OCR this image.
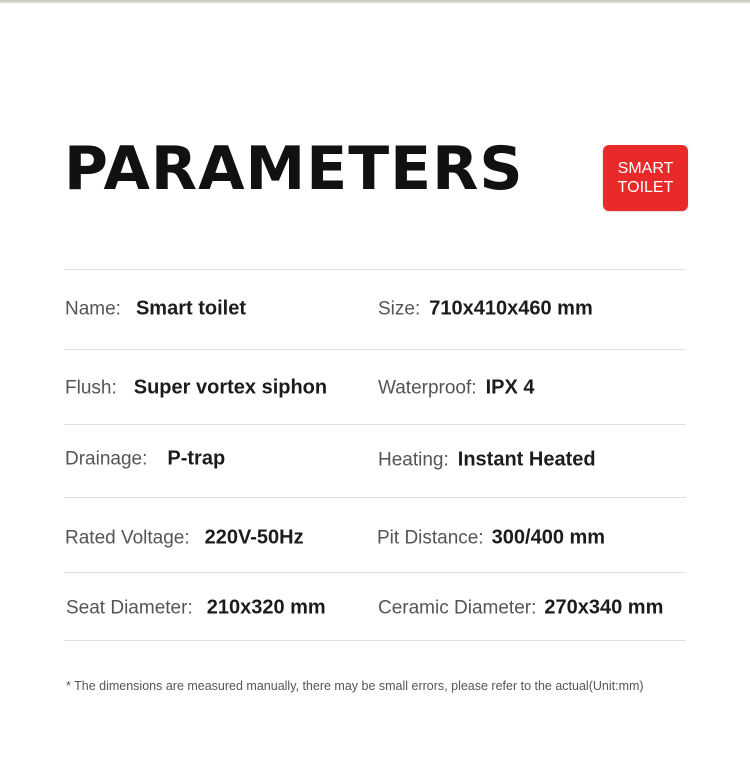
PARAMETERS	SMART
TOILET
Name: Smart toilet	Size: 710x410x460 mm
Flush: Super vortex siphon	Waterproof: IPX 4
Drainage: P-trap	Heating: Instant Heated
Rated Voltage: 220V-50Hz	Pit Distance: 300/400 mm
Seat Diameter: 210x320 mm	Ceramic Diameter: 270x340 mm
* The dimensions are measured manually, there may be small errors, please refer to the actual(Unit:mm)
